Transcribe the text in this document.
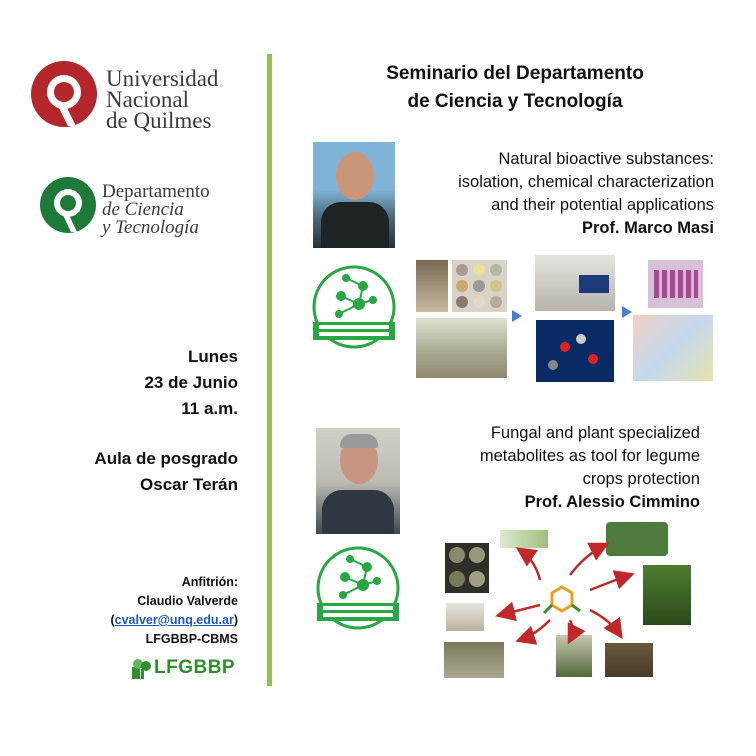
Universidad
Nacional
de Quilmes
Departamento
de Ciencia
y Tecnología
Lunes
23 de Junio
11 a.m.
Aula de posgrado
Oscar Terán
Anfitrión:
Claudio Valverde
(cvalver@unq.edu.ar)
LFGBBP-CBMS
LFGBBP
Seminario del Departamento
de Ciencia y Tecnología
Natural bioactive substances:
isolation, chemical characterization
and their potential applications
Prof. Marco Masi
Fungal and plant specialized
metabolites as tool for legume
crops protection
Prof. Alessio Cimmino
